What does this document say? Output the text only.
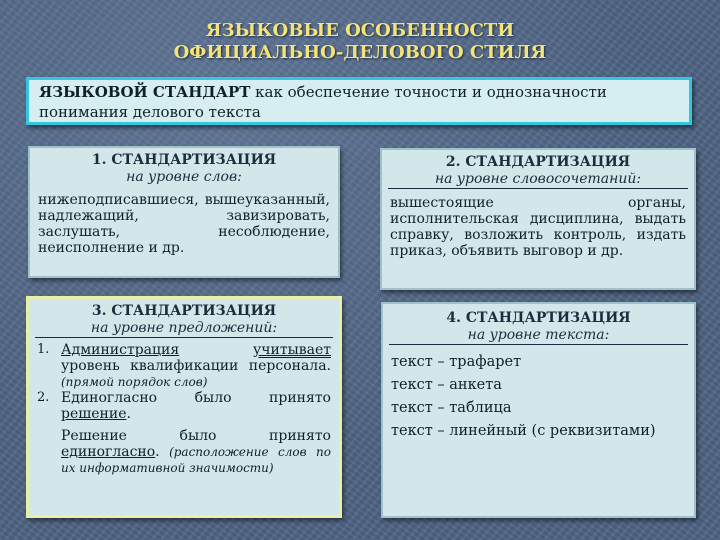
ЯЗЫКОВЫЕ ОСОБЕННОСТИ
ОФИЦИАЛЬНО-ДЕЛОВОГО СТИЛЯ
ЯЗЫКОВОЙ СТАНДАРТ как обеспечение точности и однозначности понимания делового текста
1. СТАНДАРТИЗАЦИЯ
на уровне слов:
нижеподписавшиеся, вышеуказанный, надлежащий, завизировать, заслушать, несоблюдение, неисполнение и др.
2. СТАНДАРТИЗАЦИЯ
на уровне словосочетаний:
вышестоящие органы, исполнительская дисциплина, выдать справку, возложить контроль, издать приказ, объявить выговор и др.
3. СТАНДАРТИЗАЦИЯ
на уровне предложений:
1. Администрация	учитывает уровень квалификации персонала. (прямой порядок слов)
2. Единогласно было принято решение.
Решение было принято единогласно. (расположение слов по их информативной значимости)
4. СТАНДАРТИЗАЦИЯ
на уровне текста:
текст – трафарет
текст – анкета
текст – таблица
текст – линейный (с реквизитами)
